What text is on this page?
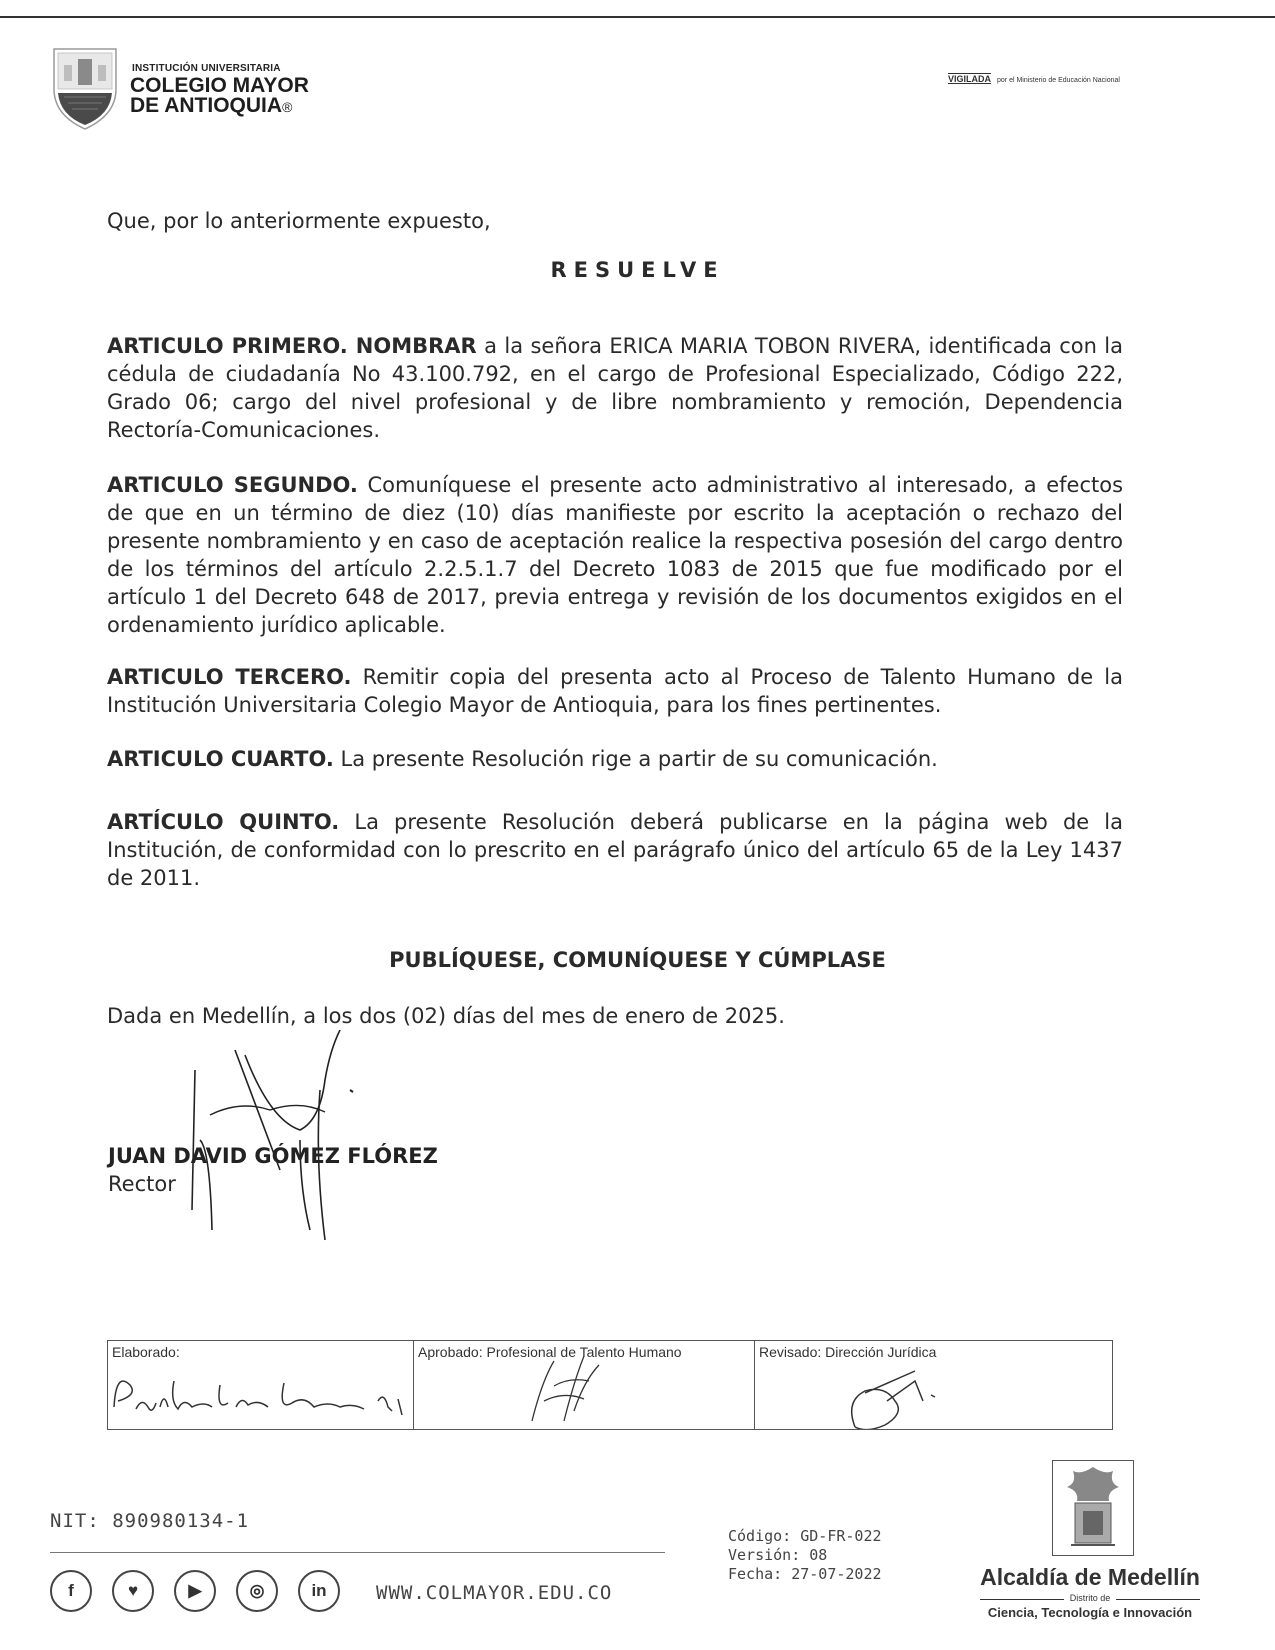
INSTITUCIÓN UNIVERSITARIA
COLEGIO MAYOR
DE ANTIOQUIA®
VIGILADA por el Ministerio de Educación Nacional
Que, por lo anteriormente expuesto,
RESUELVE
ARTICULO PRIMERO. NOMBRAR a la señora ERICA MARIA TOBON RIVERA, identificada con la cédula de ciudadanía No 43.100.792, en el cargo de Profesional Especializado, Código 222, Grado 06; cargo del nivel profesional y de libre nombramiento y remoción, Dependencia Rectoría-Comunicaciones.
ARTICULO SEGUNDO. Comuníquese el presente acto administrativo al interesado, a efectos de que en un término de diez (10) días manifieste por escrito la aceptación o rechazo del presente nombramiento y en caso de aceptación realice la respectiva posesión del cargo dentro de los términos del artículo 2.2.5.1.7 del Decreto 1083 de 2015 que fue modificado por el artículo 1 del Decreto 648 de 2017, previa entrega y revisión de los documentos exigidos en el ordenamiento jurídico aplicable.
ARTICULO TERCERO. Remitir copia del presenta acto al Proceso de Talento Humano de la Institución Universitaria Colegio Mayor de Antioquia, para los fines pertinentes.
ARTICULO CUARTO. La presente Resolución rige a partir de su comunicación.
ARTÍCULO QUINTO. La presente Resolución deberá publicarse en la página web de la Institución, de conformidad con lo prescrito en el parágrafo único del artículo 65 de la Ley 1437 de 2011.
PUBLÍQUESE, COMUNÍQUESE Y CÚMPLASE
Dada en Medellín, a los dos (02) días del mes de enero de 2025.
JUAN DAVID GÓMEZ FLÓREZ
Rector
Elaborado:	Aprobado: Profesional de Talento Humano	Revisado: Dirección Jurídica
NIT: 890980134-1
f	♥	▶	◎	in	WWW.COLMAYOR.EDU.CO
Código: GD-FR-022
Versión: 08
Fecha: 27-07-2022	Alcaldía de Medellín
Distrito de
Ciencia, Tecnología e Innovación
